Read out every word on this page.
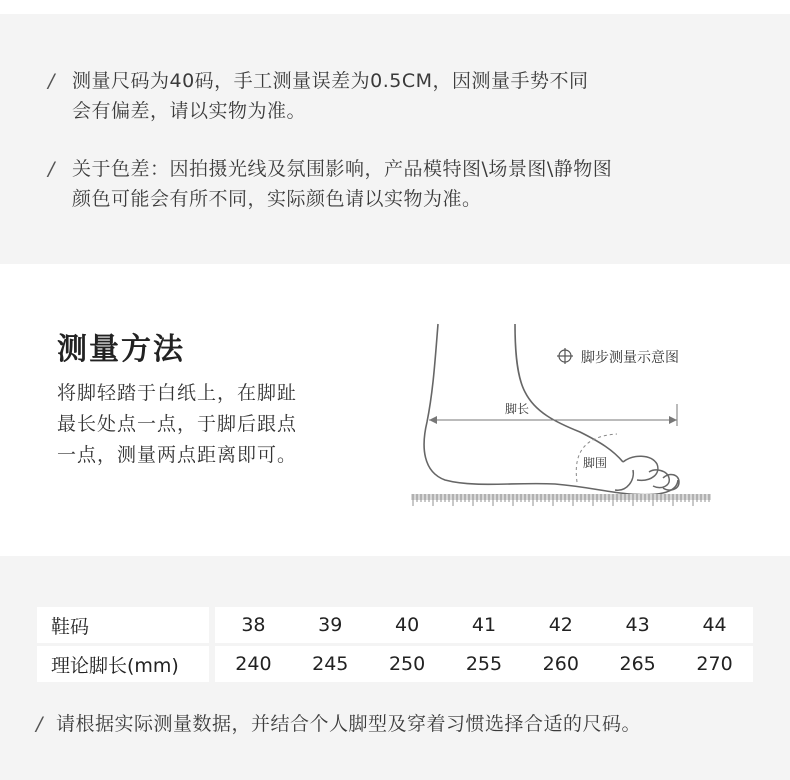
/ 测量尺码为40码，手工测量误差为0.5CM，因测量手势不同
会有偏差，请以实物为准。
/ 关于色差：因拍摄光线及氛围影响，产品模特图\场景图\静物图
颜色可能会有所不同，实际颜色请以实物为准。
测量方法
将脚轻踏于白纸上，在脚趾
最长处点一点，于脚后跟点
一点，测量两点距离即可。
脚步测量示意图
脚长
脚围
鞋码	38	39	40	41	42	43	44
理论脚长(mm)	240	245	250	255	260	265	270
/ 请根据实际测量数据，并结合个人脚型及穿着习惯选择合适的尺码。
